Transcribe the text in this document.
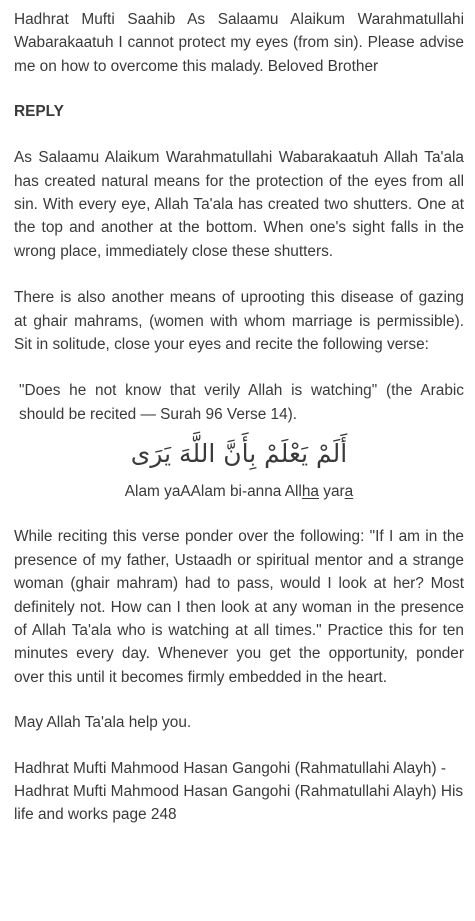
Hadhrat Mufti Saahib As Salaamu Alaikum Warahmatullahi Wabarakaatuh I cannot protect my eyes (from sin). Please advise me on how to overcome this malady. Beloved Brother

REPLY

As Salaamu Alaikum Warahmatullahi Wabarakaatuh Allah Ta'ala has created natural means for the protection of the eyes from all sin. With every eye, Allah Ta'ala has created two shutters. One at the top and another at the bottom. When one's sight falls in the wrong place, immediately close these shutters.

There is also another means of uprooting this disease of gazing at ghair mahrams, (women with whom marriage is permissible). Sit in solitude, close your eyes and recite the following verse:

"Does he not know that verily Allah is watching" (the Arabic should be recited — Surah 96 Verse 14).

أَلَمْ يَعْلَمْ بِأَنَّ اللَّهَ يَرَى

Alam yaAAlam bi-anna Allha yara

While reciting this verse ponder over the following: "If I am in the presence of my father, Ustaadh or spiritual mentor and a strange woman (ghair mahram) had to pass, would I look at her? Most definitely not. How can I then look at any woman in the presence of Allah Ta'ala who is watching at all times." Practice this for ten minutes every day. Whenever you get the opportunity, ponder over this until it becomes firmly embedded in the heart.

May Allah Ta'ala help you.

Hadhrat Mufti Mahmood Hasan Gangohi (Rahmatullahi Alayh) - Hadhrat Mufti Mahmood Hasan Gangohi (Rahmatullahi Alayh) His life and works page 248
